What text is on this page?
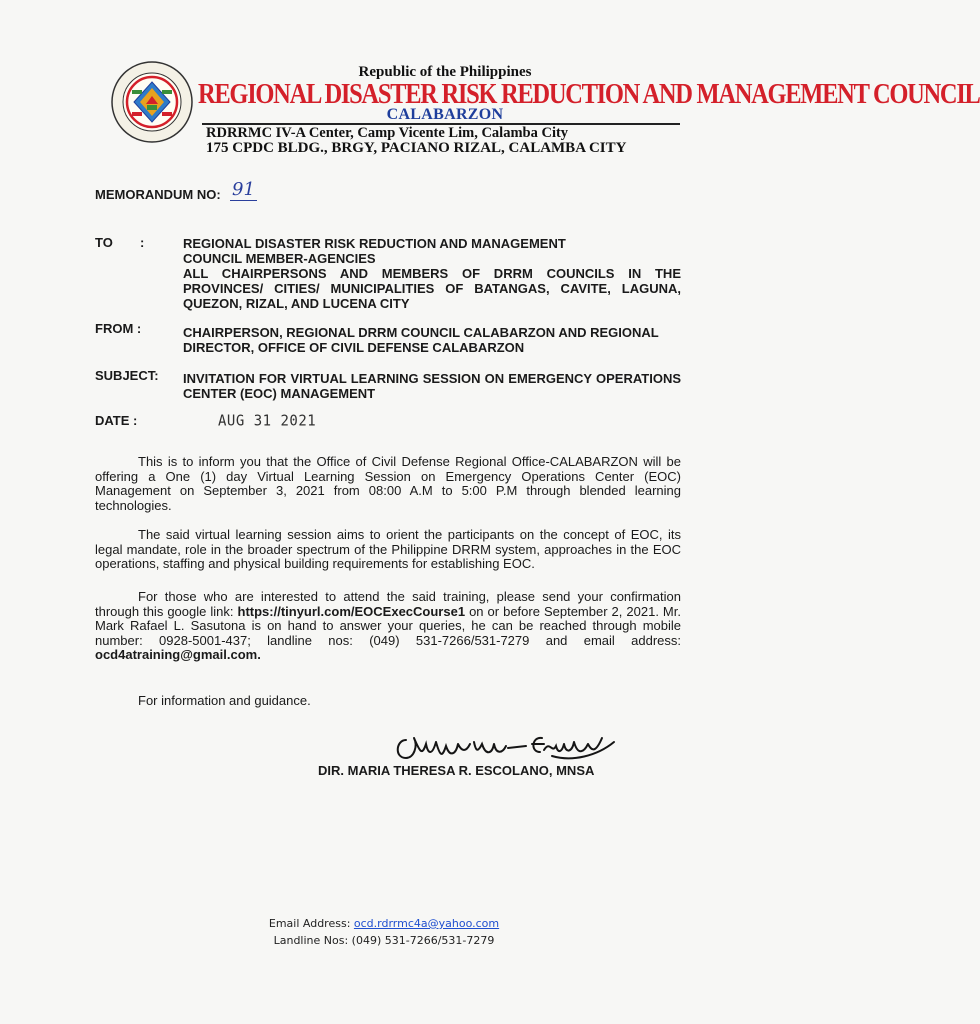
Republic of the Philippines
REGIONAL DISASTER RISK REDUCTION AND MANAGEMENT COUNCIL
CALABARZON
RDRRMC IV-A Center, Camp Vicente Lim, Calamba City
175 CPDC BLDG., BRGY, PACIANO RIZAL, CALAMBA CITY
MEMORANDUM NO: 91
TO :	REGIONAL DISASTER RISK REDUCTION AND MANAGEMENT
COUNCIL MEMBER-AGENCIES
ALL CHAIRPERSONS AND MEMBERS OF DRRM COUNCILS IN THE PROVINCES/ CITIES/ MUNICIPALITIES OF BATANGAS, CAVITE, LAGUNA, QUEZON, RIZAL, AND LUCENA CITY
FROM :	CHAIRPERSON, REGIONAL DRRM COUNCIL CALABARZON AND REGIONAL DIRECTOR, OFFICE OF CIVIL DEFENSE CALABARZON
SUBJECT: INVITATION FOR VIRTUAL LEARNING SESSION ON EMERGENCY OPERATIONS CENTER (EOC) MANAGEMENT
DATE :	AUG 31 2021
This is to inform you that the Office of Civil Defense Regional Office-CALABARZON will be offering a One (1) day Virtual Learning Session on Emergency Operations Center (EOC) Management on September 3, 2021 from 08:00 A.M to 5:00 P.M through blended learning technologies.
The said virtual learning session aims to orient the participants on the concept of EOC, its legal mandate, role in the broader spectrum of the Philippine DRRM system, approaches in the EOC operations, staffing and physical building requirements for establishing EOC.
For those who are interested to attend the said training, please send your confirmation through this google link: https://tinyurl.com/EOCExecCourse1 on or before September 2, 2021. Mr. Mark Rafael L. Sasutona is on hand to answer your queries, he can be reached through mobile number: 0928-5001-437; landline nos: (049) 531-7266/531-7279 and email address: ocd4atraining@gmail.com.
For information and guidance.
DIR. MARIA THERESA R. ESCOLANO, MNSA
Email Address: ocd.rdrrmc4a@yahoo.com
Landline Nos: (049) 531-7266/531-7279
